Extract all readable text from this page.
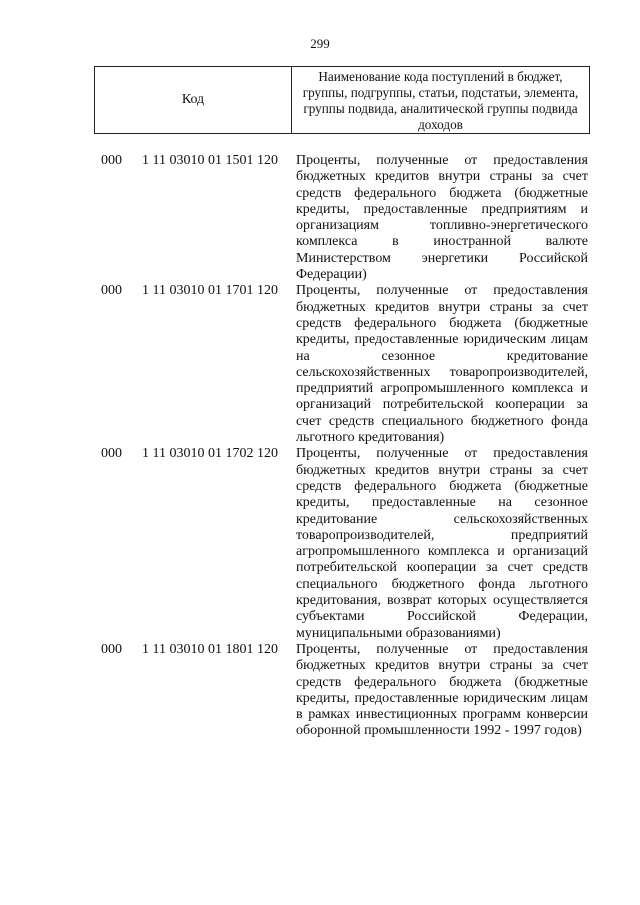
299
Код
Наименование кода поступлений в бюджет, группы, подгруппы, статьи, подстатьи, элемента, группы подвида, аналитической группы подвида доходов
000 1 11 03010 01 1501 120 Проценты, полученные от предоставления бюджетных кредитов внутри страны за счет средств федерального бюджета (бюджетные кредиты, предоставленные предприятиям и организациям топливно-энергетического комплекса в иностранной валюте Министерством энергетики Российской Федерации)
000 1 11 03010 01 1701 120 Проценты, полученные от предоставления бюджетных кредитов внутри страны за счет средств федерального бюджета (бюджетные кредиты, предоставленные юридическим лицам на сезонное кредитование сельскохозяйственных товаропроизводителей, предприятий агропромышленного комплекса и организаций потребительской кооперации за счет средств специального бюджетного фонда льготного кредитования)
000 1 11 03010 01 1702 120 Проценты, полученные от предоставления бюджетных кредитов внутри страны за счет средств федерального бюджета (бюджетные кредиты, предоставленные на сезонное кредитование сельскохозяйственных товаропроизводителей, предприятий агропромышленного комплекса и организаций потребительской кооперации за счет средств специального бюджетного фонда льготного кредитования, возврат которых осуществляется субъектами Российской Федерации, муниципальными образованиями)
000 1 11 03010 01 1801 120 Проценты, полученные от предоставления бюджетных кредитов внутри страны за счет средств федерального бюджета (бюджетные кредиты, предоставленные юридическим лицам в рамках инвестиционных программ конверсии оборонной промышленности 1992 - 1997 годов)
